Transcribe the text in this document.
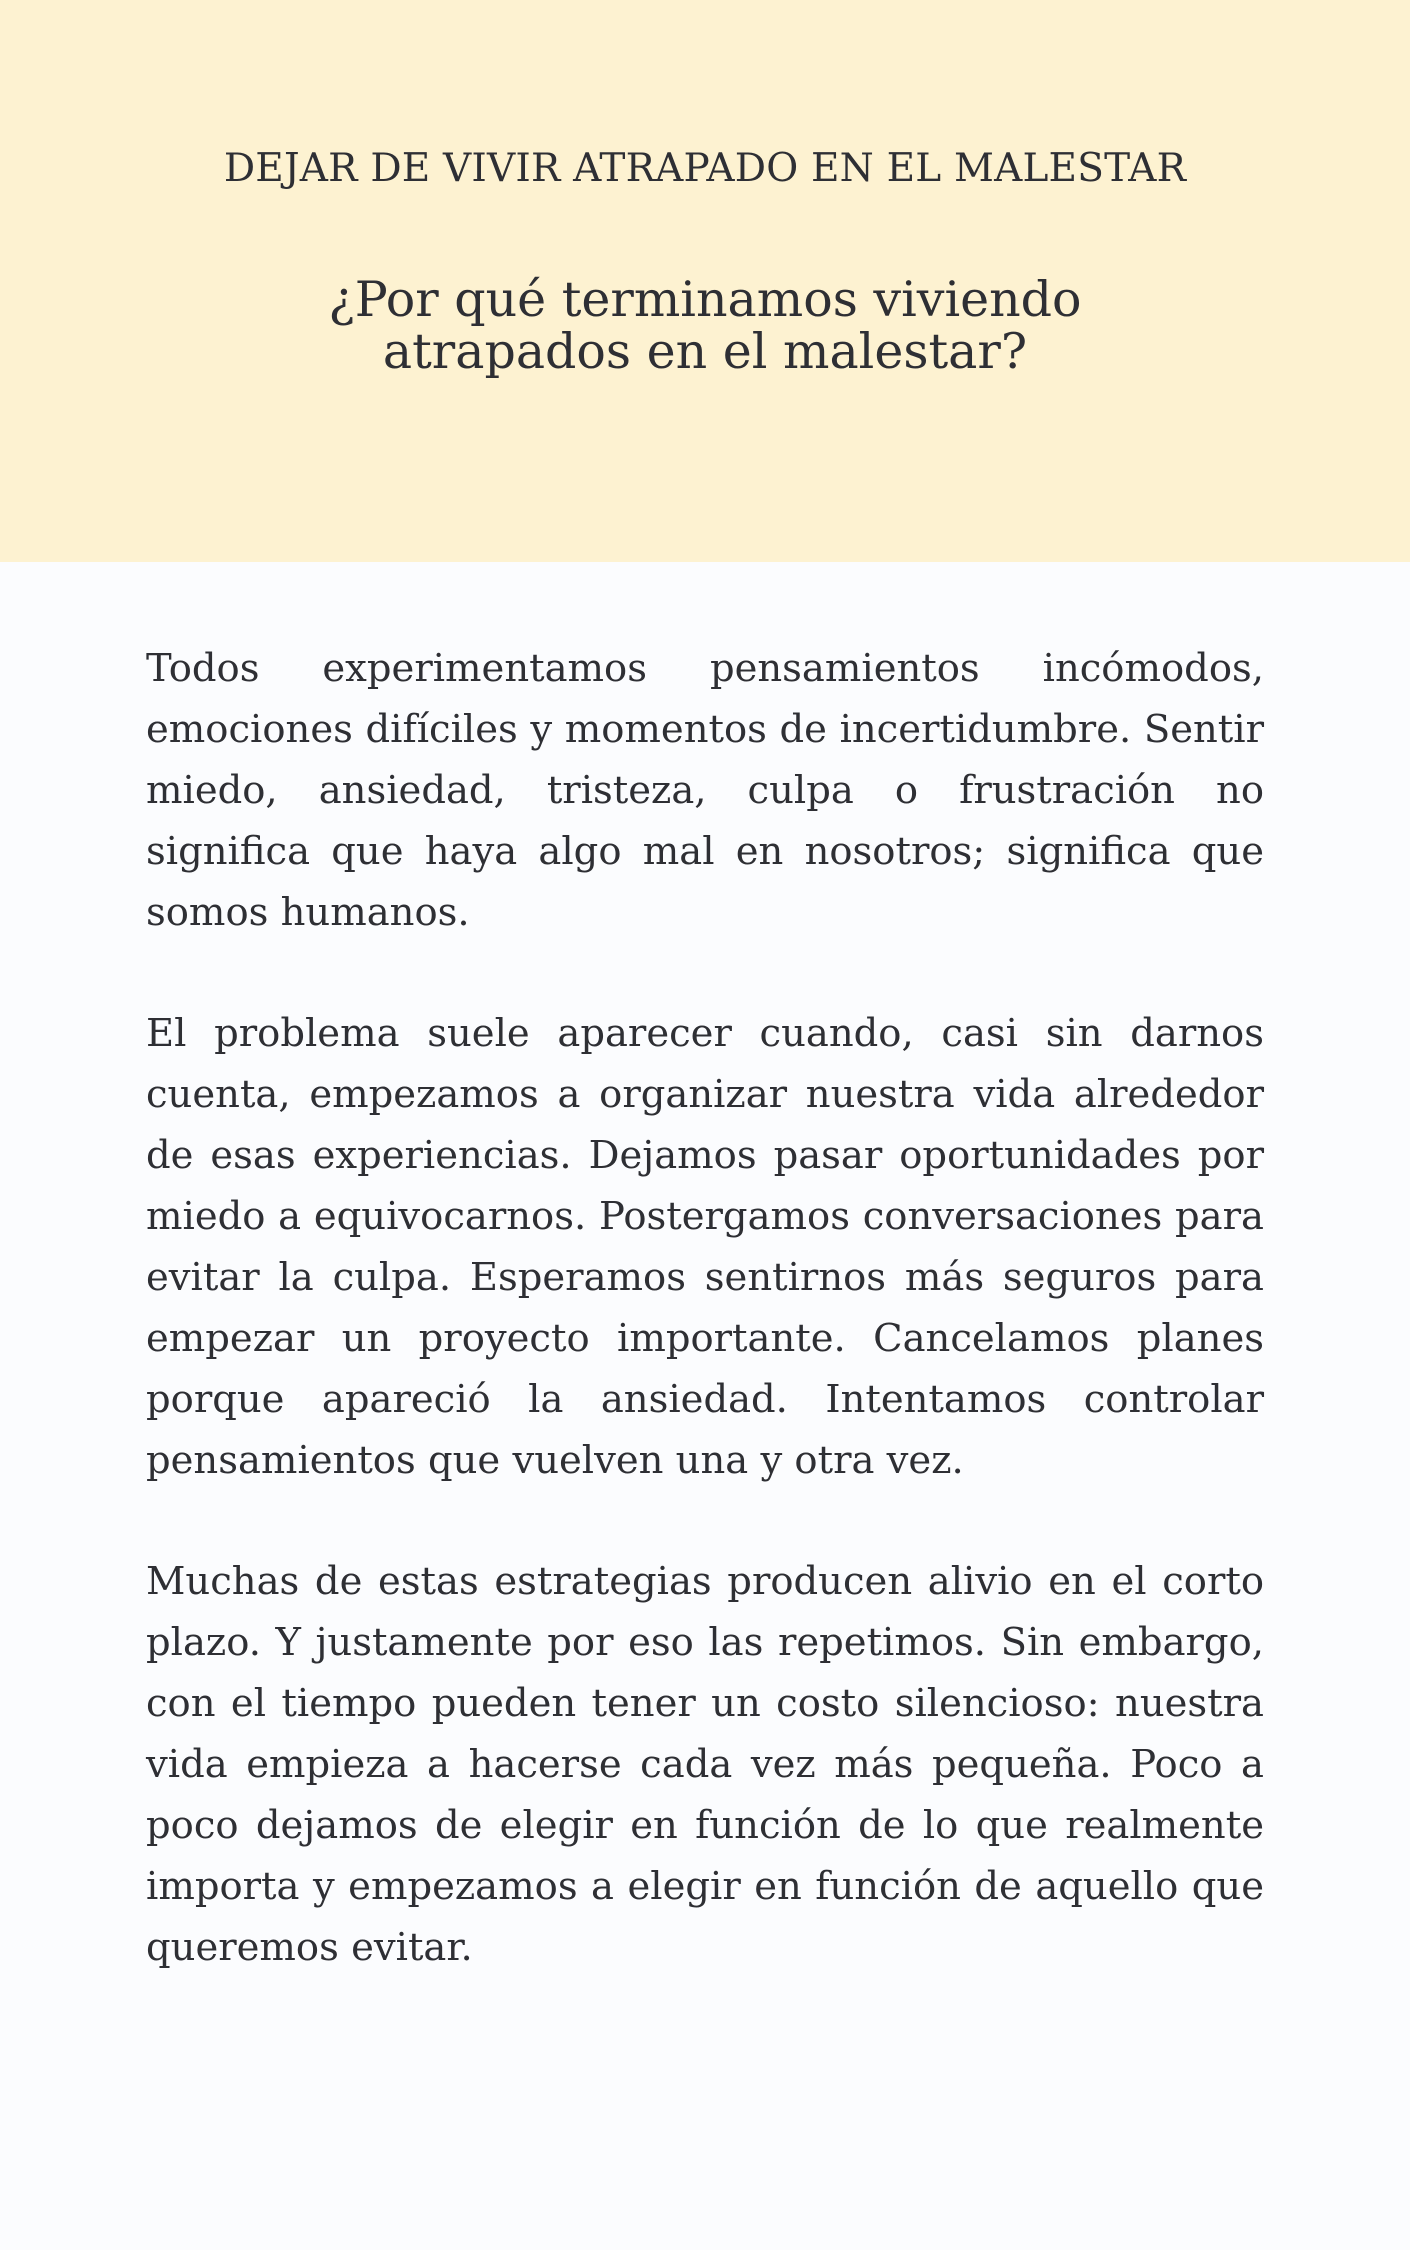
DEJAR DE VIVIR ATRAPADO EN EL MALESTAR
¿Por qué terminamos viviendo atrapados en el malestar?

Todos experimentamos pensamientos incómodos, emociones difíciles y momentos de incertidumbre. Sentir miedo, ansiedad, tristeza, culpa o frustración no significa que haya algo mal en nosotros; significa que somos humanos.

El problema suele aparecer cuando, casi sin darnos cuenta, empezamos a organizar nuestra vida alrededor de esas experiencias. Dejamos pasar oportunidades por miedo a equivocarnos. Postergamos conversaciones para evitar la culpa. Esperamos sentirnos más seguros para empezar un proyecto importante. Cancelamos planes porque apareció la ansiedad. Intentamos controlar pensamientos que vuelven una y otra vez.

Muchas de estas estrategias producen alivio en el corto plazo. Y justamente por eso las repetimos. Sin embargo, con el tiempo pueden tener un costo silencioso: nuestra vida empieza a hacerse cada vez más pequeña. Poco a poco dejamos de elegir en función de lo que realmente importa y empezamos a elegir en función de aquello que queremos evitar.
